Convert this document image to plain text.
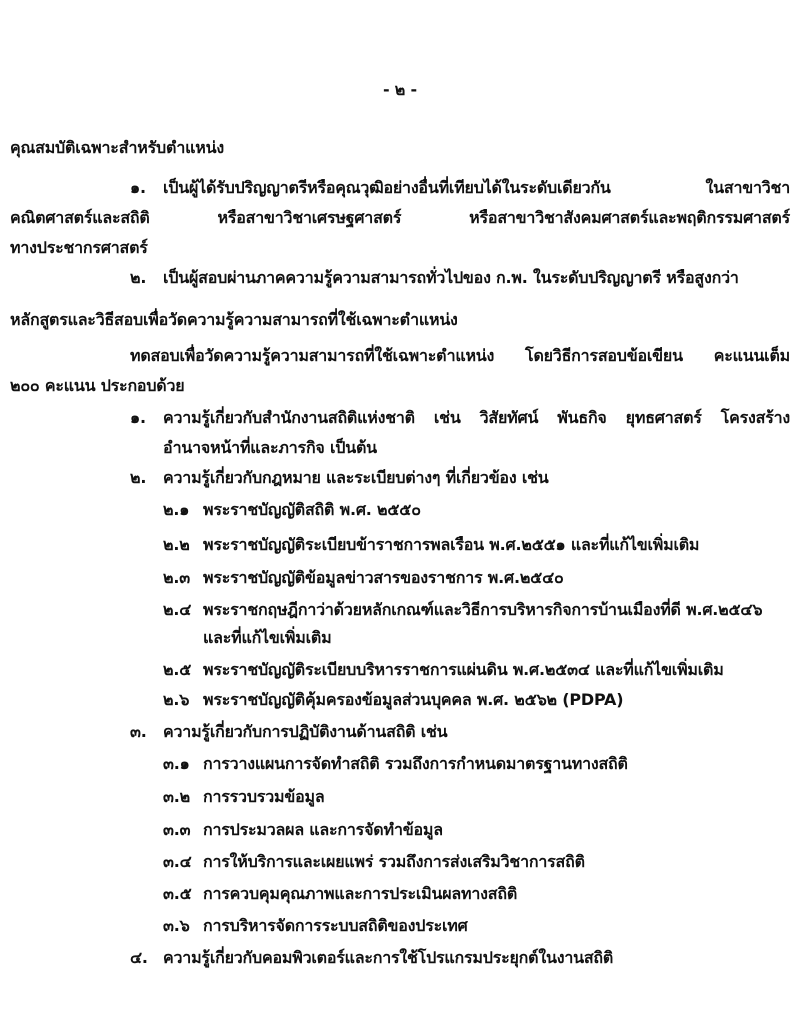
- ๒ -
คุณสมบัติเฉพาะสำหรับตำแหน่ง
๑. เป็นผู้ได้รับปริญญาตรีหรือคุณวุฒิอย่างอื่นที่เทียบได้ในระดับเดียวกัน ในสาขาวิชา
คณิตศาสตร์และสถิติ หรือสาขาวิชาเศรษฐศาสตร์ หรือสาขาวิชาสังคมศาสตร์และพฤติกรรมศาสตร์
ทางประชากรศาสตร์
๒. เป็นผู้สอบผ่านภาคความรู้ความสามารถทั่วไปของ ก.พ. ในระดับปริญญาตรี หรือสูงกว่า
หลักสูตรและวิธีสอบเพื่อวัดความรู้ความสามารถที่ใช้เฉพาะตำแหน่ง
ทดสอบเพื่อวัดความรู้ความสามารถที่ใช้เฉพาะตำแหน่ง โดยวิธีการสอบข้อเขียน คะแนนเต็ม
๒๐๐ คะแนน ประกอบด้วย
๑. ความรู้เกี่ยวกับสำนักงานสถิติแห่งชาติ เช่น วิสัยทัศน์ พันธกิจ ยุทธศาสตร์ โครงสร้าง
อำนาจหน้าที่และภารกิจ เป็นต้น
๒. ความรู้เกี่ยวกับกฎหมาย และระเบียบต่างๆ ที่เกี่ยวข้อง เช่น
๒.๑ พระราชบัญญัติสถิติ พ.ศ. ๒๕๕๐
๒.๒ พระราชบัญญัติระเบียบข้าราชการพลเรือน พ.ศ.๒๕๕๑ และที่แก้ไขเพิ่มเติม
๒.๓ พระราชบัญญัติข้อมูลข่าวสารของราชการ พ.ศ.๒๕๔๐
๒.๔ พระราชกฤษฎีกาว่าด้วยหลักเกณฑ์และวิธีการบริหารกิจการบ้านเมืองที่ดี พ.ศ.๒๕๔๖
และที่แก้ไขเพิ่มเติม
๒.๕ พระราชบัญญัติระเบียบบริหารราชการแผ่นดิน พ.ศ.๒๕๓๔ และที่แก้ไขเพิ่มเติม
๒.๖ พระราชบัญญัติคุ้มครองข้อมูลส่วนบุคคล พ.ศ. ๒๕๖๒ (PDPA)
๓. ความรู้เกี่ยวกับการปฏิบัติงานด้านสถิติ เช่น
๓.๑ การวางแผนการจัดทำสถิติ รวมถึงการกำหนดมาตรฐานทางสถิติ
๓.๒ การรวบรวมข้อมูล
๓.๓ การประมวลผล และการจัดทำข้อมูล
๓.๔ การให้บริการและเผยแพร่ รวมถึงการส่งเสริมวิชาการสถิติ
๓.๕ การควบคุมคุณภาพและการประเมินผลทางสถิติ
๓.๖ การบริหารจัดการระบบสถิติของประเทศ
๔. ความรู้เกี่ยวกับคอมพิวเตอร์และการใช้โปรแกรมประยุกต์ในงานสถิติ
